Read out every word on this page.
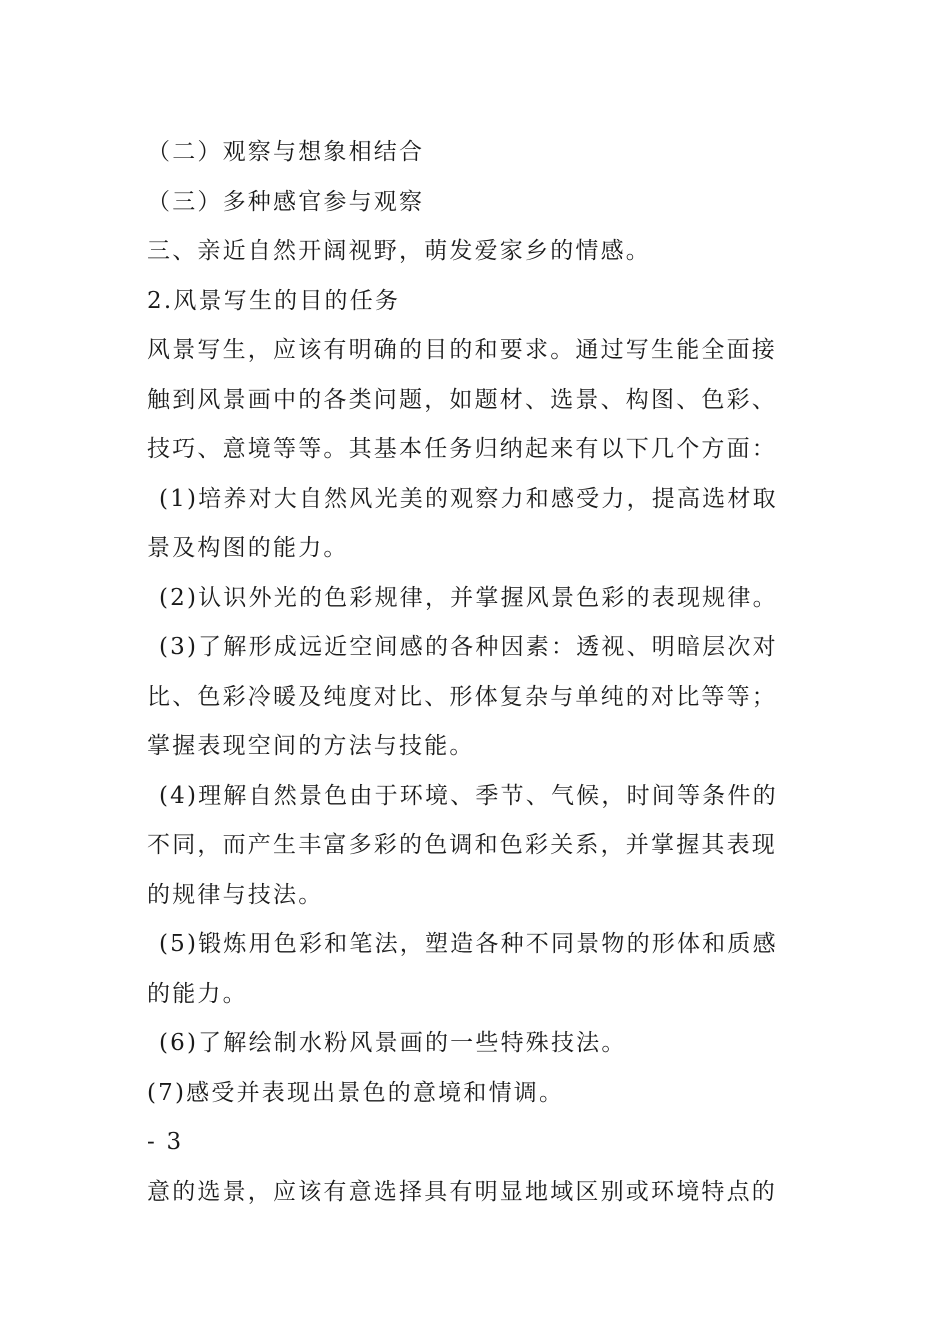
（二）观察与想象相结合
（三）多种感官参与观察
三、亲近自然开阔视野，萌发爱家乡的情感。
2.风景写生的目的任务
风景写生，应该有明确的目的和要求。通过写生能全面接
触到风景画中的各类问题，如题材、选景、构图、色彩、
技巧、意境等等。其基本任务归纳起来有以下几个方面：
(1)培养对大自然风光美的观察力和感受力，提高选材取
景及构图的能力。
(2)认识外光的色彩规律，并掌握风景色彩的表现规律。
(3)了解形成远近空间感的各种因素：透视、明暗层次对
比、色彩冷暖及纯度对比、形体复杂与单纯的对比等等；
掌握表现空间的方法与技能。
(4)理解自然景色由于环境、季节、气候，时间等条件的
不同，而产生丰富多彩的色调和色彩关系，并掌握其表现
的规律与技法。
(5)锻炼用色彩和笔法，塑造各种不同景物的形体和质感
的能力。
(6)了解绘制水粉风景画的一些特殊技法。
(7)感受并表现出景色的意境和情调。
- 3
意的选景，应该有意选择具有明显地域区别或环境特点的
